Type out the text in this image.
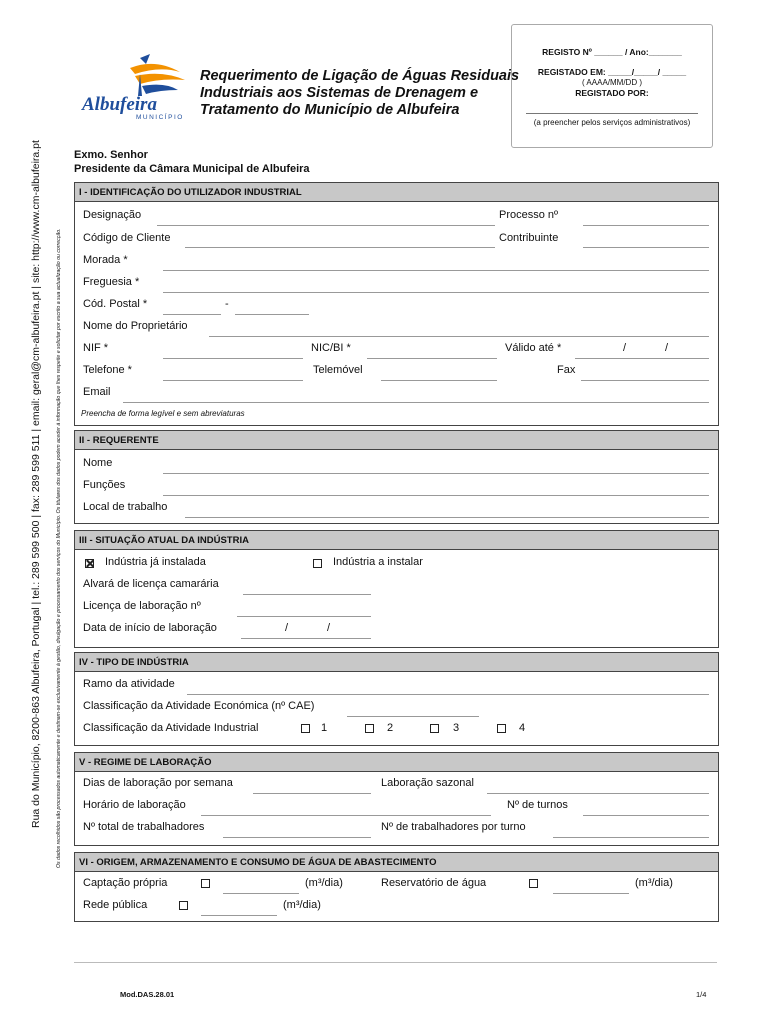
Rua do Município, 8200-863 Albufeira, Portugal | tel.: 289 599 500 | fax: 289 599 511 | email: geral@cm-albufeira.pt | site: http://www.cm-albufeira.pt	Os dados recolhidos são processados automaticamente e destinam-se exclusivamente à gestão, divulgação e processamento dos serviços do Município. Os titulares dos dados podem aceder à informação que lhes respeite e solicitar por escrito a sua actualização ou correcção.
Albufeira
MUNICÍPIO
Requerimento de Ligação de Águas Residuais
Industriais aos Sistemas de Drenagem e
Tratamento do Município de Albufeira
REGISTO Nº ______ / Ano:_______
REGISTADO EM: _____/_____/ _____
( AAAA/MM/DD )
REGISTADO POR:
(a preencher pelos serviços administrativos)
Exmo. Senhor
Presidente da Câmara Municipal de Albufeira
I - IDENTIFICAÇÃO DO UTILIZADOR INDUSTRIAL
Designação	Processo nº
Código de Cliente	Contribuinte
Morada *
Freguesia *
Cód. Postal *	-
Nome do Proprietário
NIF *	NIC/BI *	Válido até *	/	/
Telefone *	Telemóvel	Fax
Email
Preencha de forma legível e sem abreviaturas
II - REQUERENTE
Nome
Funções
Local de trabalho
III - SITUAÇÃO ATUAL DA INDÚSTRIA
Indústria já instalada	Indústria a instalar
Alvará de licença camarária
Licença de laboração nº
Data de início de laboração	/	/
IV - TIPO DE INDÚSTRIA
Ramo da atividade
Classificação da Atividade Económica (nº CAE)
Classificação da Atividade Industrial	1	2	3	4
V - REGIME DE LABORAÇÃO
Dias de laboração por semana	Laboração sazonal
Horário de laboração	Nº de turnos
Nº total de trabalhadores	Nº de trabalhadores por turno
VI - ORIGEM, ARMAZENAMENTO E CONSUMO DE ÁGUA DE ABASTECIMENTO
Captação própria	(m³/dia)	Reservatório de água	(m³/dia)
Rede pública	(m³/dia)
Mod.DAS.28.01	1/4
